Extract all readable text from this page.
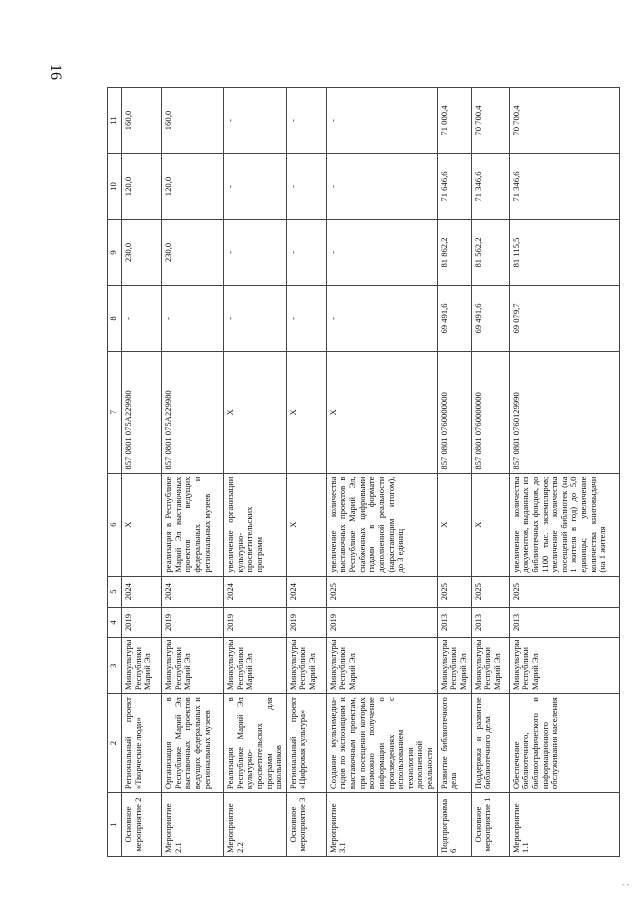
16
1	2	3	4	5	6	7	8	9	10	11
Основное мероприятие 2	Региональный проект «Творческие люди»	Минкультуры Республики Марий Эл	2019	2024	X	857 0801 075A229980	-	230,0	120,0	160,0
Мероприятие 2.1	Организация в Республике Марий Эл выставочных проектов ведущих федеральных и региональных музеев	Минкультуры Республики Марий Эл	2019	2024	реализация в Республике Марий Эл выставочных проектов ведущих федеральных и региональных музеев	857 0801 075A229980	-	230,0	120,0	160,0
Мероприятие 2.2	Реализация в Республике Марий Эл культурно-просветительских программ для школьников	Минкультуры Республики Марий Эл	2019	2024	увеличение организации культурно-просветительских программ	X	-	-	-	-
Основное мероприятие 3	Региональный проект «Цифровая культура»	Минкультуры Республики Марий Эл	2019	2024	X	X	-	-	-	-
Мероприятие 3.1	Создание мультимедиа-гидов по экспозициям и выставочным проектам, при посещении которых возможно получение информации о произведениях с использованием технологии дополненной реальности	Минкультуры Республики Марий Эл	2019	2025	увеличение количества выставочных проектов в Республике Марий Эл, снабженных цифровыми гидами в формате дополненной реальности (нарастающим итогом), до 3 единиц	X	-	-	-	-
Подпрограмма 6	Развитие библиотечного дела	Минкультуры Республики Марий Эл	2013	2025	X	857 0801 0760000000	69 491,6	81 862,2	71 646,6	71 000,4
Основное мероприятие 1	Поддержка и развитие библиотечного дела	Минкультуры Республики Марий Эл	2013	2025	X	857 0801 0760000000	69 491,6	81 562,2	71 346,6	70 700,4
Мероприятие 1.1	Обеспечение библиотечного, библиографического и информационного обслуживания населения	Минкультуры Республики Марий Эл	2013	2025	увеличение количества документов, выданных из библиотечных фондов, до 1100 тыс. экземпляров; увеличение количества посещений библиотек (на 1 жителя в год) до 5,0 единицы; увеличение количества книговыдачи (на 1 жителя	857 0801 0760129990	69 079,7	81 115,5	71 346,6	70 700,4
- -
